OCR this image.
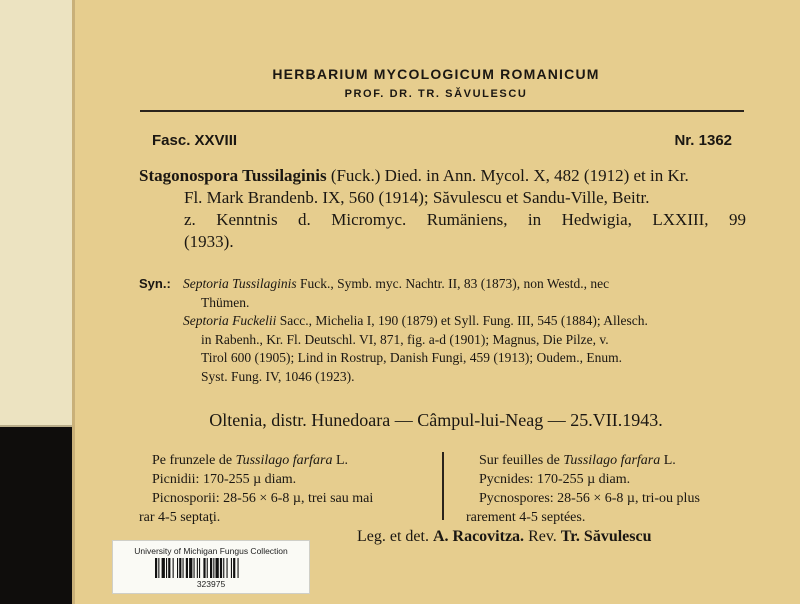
HERBARIUM MYCOLOGICUM ROMANICUM
PROF. DR. TR. SĂVULESCU
Fasc. XXVIII	Nr. 1362
Stagonospora Tussilaginis (Fuck.) Died. in Ann. Mycol. X, 482 (1912) et in Kr.
Fl. Mark Brandenb. IX, 560 (1914); Săvulescu et Sandu-Ville, Beitr.
z. Kenntnis d. Micromyc. Rumäniens, in Hedwigia, LXXIII, 99
(1933).
Syn.: Septoria Tussilaginis Fuck., Symb. myc. Nachtr. II, 83 (1873), non Westd., nec
Thümen.
Septoria Fuckelii Sacc., Michelia I, 190 (1879) et Syll. Fung. III, 545 (1884); Allesch.
in Rabenh., Kr. Fl. Deutschl. VI, 871, fig. a-d (1901); Magnus, Die Pilze, v.
Tirol 600 (1905); Lind in Rostrup, Danish Fungi, 459 (1913); Oudem., Enum.
Syst. Fung. IV, 1046 (1923).
Oltenia, distr. Hunedoara — Câmpul-lui-Neag — 25.VII.1943.
Pe frunzele de Tussilago farfara L.
Picnidii: 170-255 µ diam.
Picnosporii: 28-56 × 6-8 µ, trei sau mai
rar 4-5 septaţi.
Sur feuilles de Tussilago farfara L.
Pycnides: 170-255 µ diam.
Pycnospores: 28-56 × 6-8 µ, tri-ou plus
rarement 4-5 septées.
Leg. et det. A. Racovitza. Rev. Tr. Săvulescu
University of Michigan Fungus Collection
323975
